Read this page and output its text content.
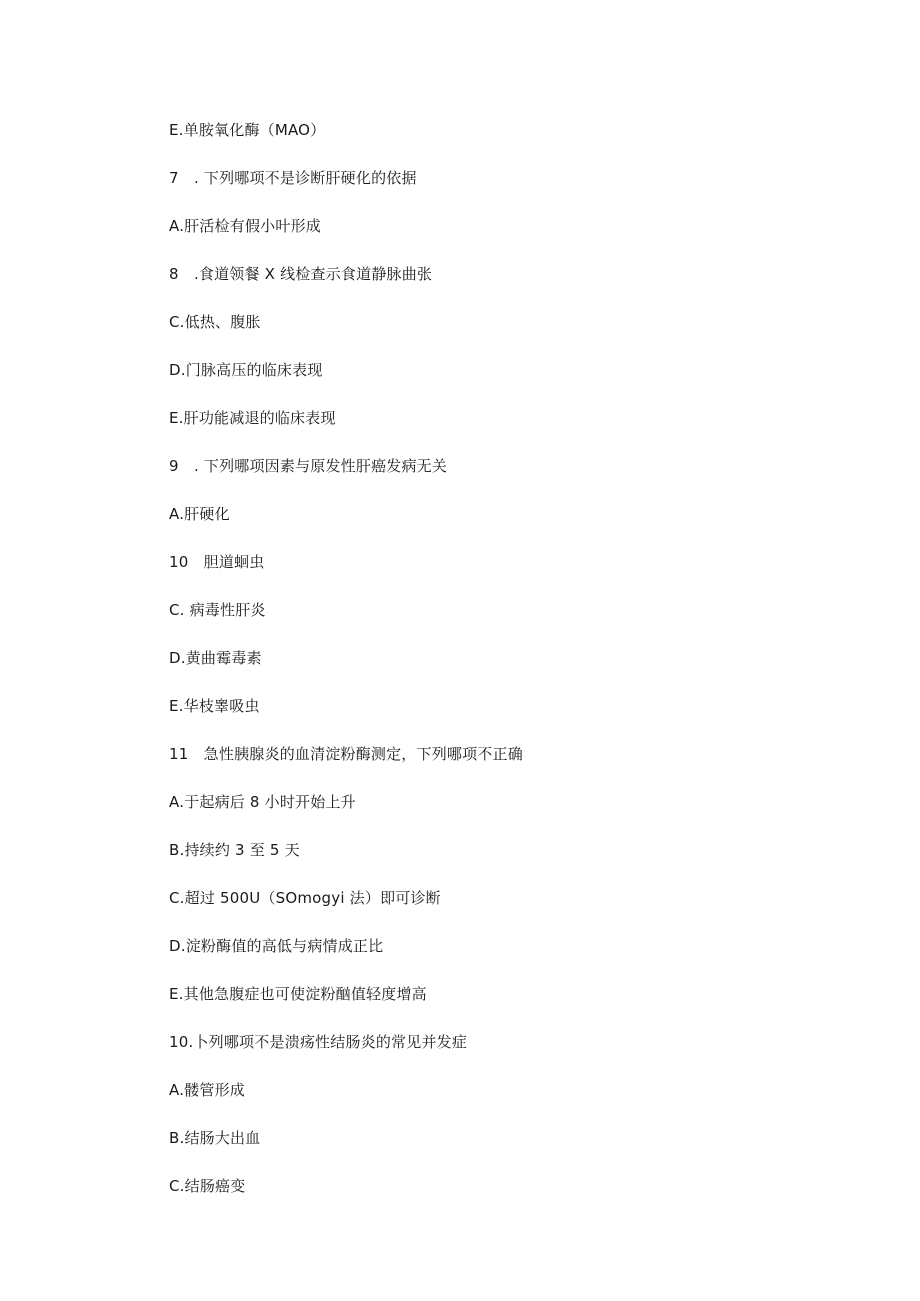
E.单胺氧化酶（MAO）
7　. 下列哪项不是诊断肝硬化的依据
A.肝活检有假小叶形成
8　.食道领餐 X 线检查示食道静脉曲张
C.低热、腹胀
D.门脉高压的临床表现
E.肝功能减退的临床表现
9　. 下列哪项因素与原发性肝癌发病无关
A.肝硬化
10　胆道蛔虫
C. 病毒性肝炎
D.黄曲霉毒素
E.华枝睾吸虫
11　急性胰腺炎的血清淀粉酶测定，下列哪项不正确
A.于起病后 8 小时开始上升
B.持续约 3 至 5 天
C.超过 500U（SOmogyi 法）即可诊断
D.淀粉酶值的高低与病情成正比
E.其他急腹症也可使淀粉酗值轻度增高
10.卜列哪项不是溃疡性结肠炎的常见并发症
A.髅管形成
B.结肠大出血
C.结肠癌变
